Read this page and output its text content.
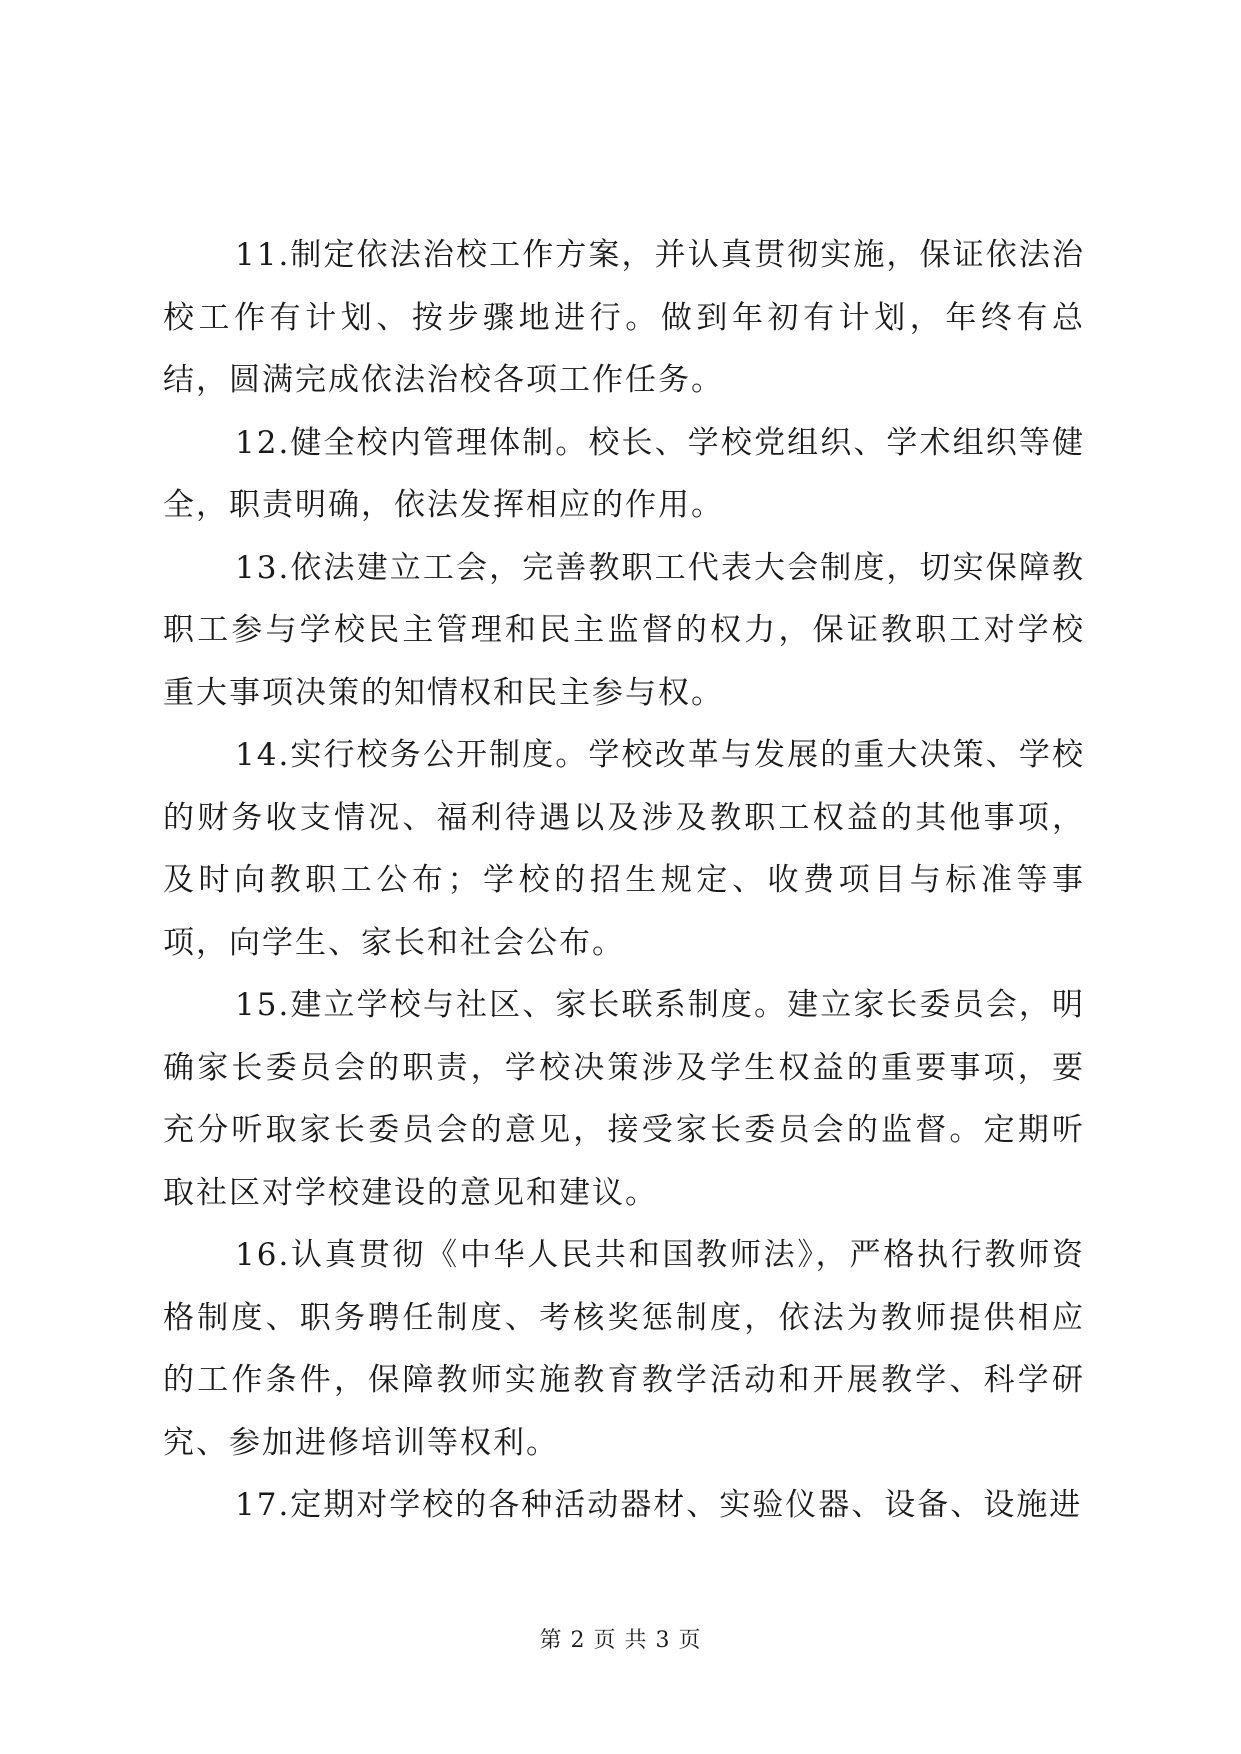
11.制定依法治校工作方案，并认真贯彻实施，保证依法治校工作有计划、按步骤地进行。做到年初有计划，年终有总结，圆满完成依法治校各项工作任务。

12.健全校内管理体制。校长、学校党组织、学术组织等健全，职责明确，依法发挥相应的作用。

13.依法建立工会，完善教职工代表大会制度，切实保障教职工参与学校民主管理和民主监督的权力，保证教职工对学校重大事项决策的知情权和民主参与权。

14.实行校务公开制度。学校改革与发展的重大决策、学校的财务收支情况、福利待遇以及涉及教职工权益的其他事项，及时向教职工公布；学校的招生规定、收费项目与标准等事项，向学生、家长和社会公布。

15.建立学校与社区、家长联系制度。建立家长委员会，明确家长委员会的职责，学校决策涉及学生权益的重要事项，要充分听取家长委员会的意见，接受家长委员会的监督。定期听取社区对学校建设的意见和建议。

16.认真贯彻《中华人民共和国教师法》，严格执行教师资格制度、职务聘任制度、考核奖惩制度，依法为教师提供相应的工作条件，保障教师实施教育教学活动和开展教学、科学研究、参加进修培训等权利。

17.定期对学校的各种活动器材、实验仪器、设备、设施进

第 2 页 共 3 页
